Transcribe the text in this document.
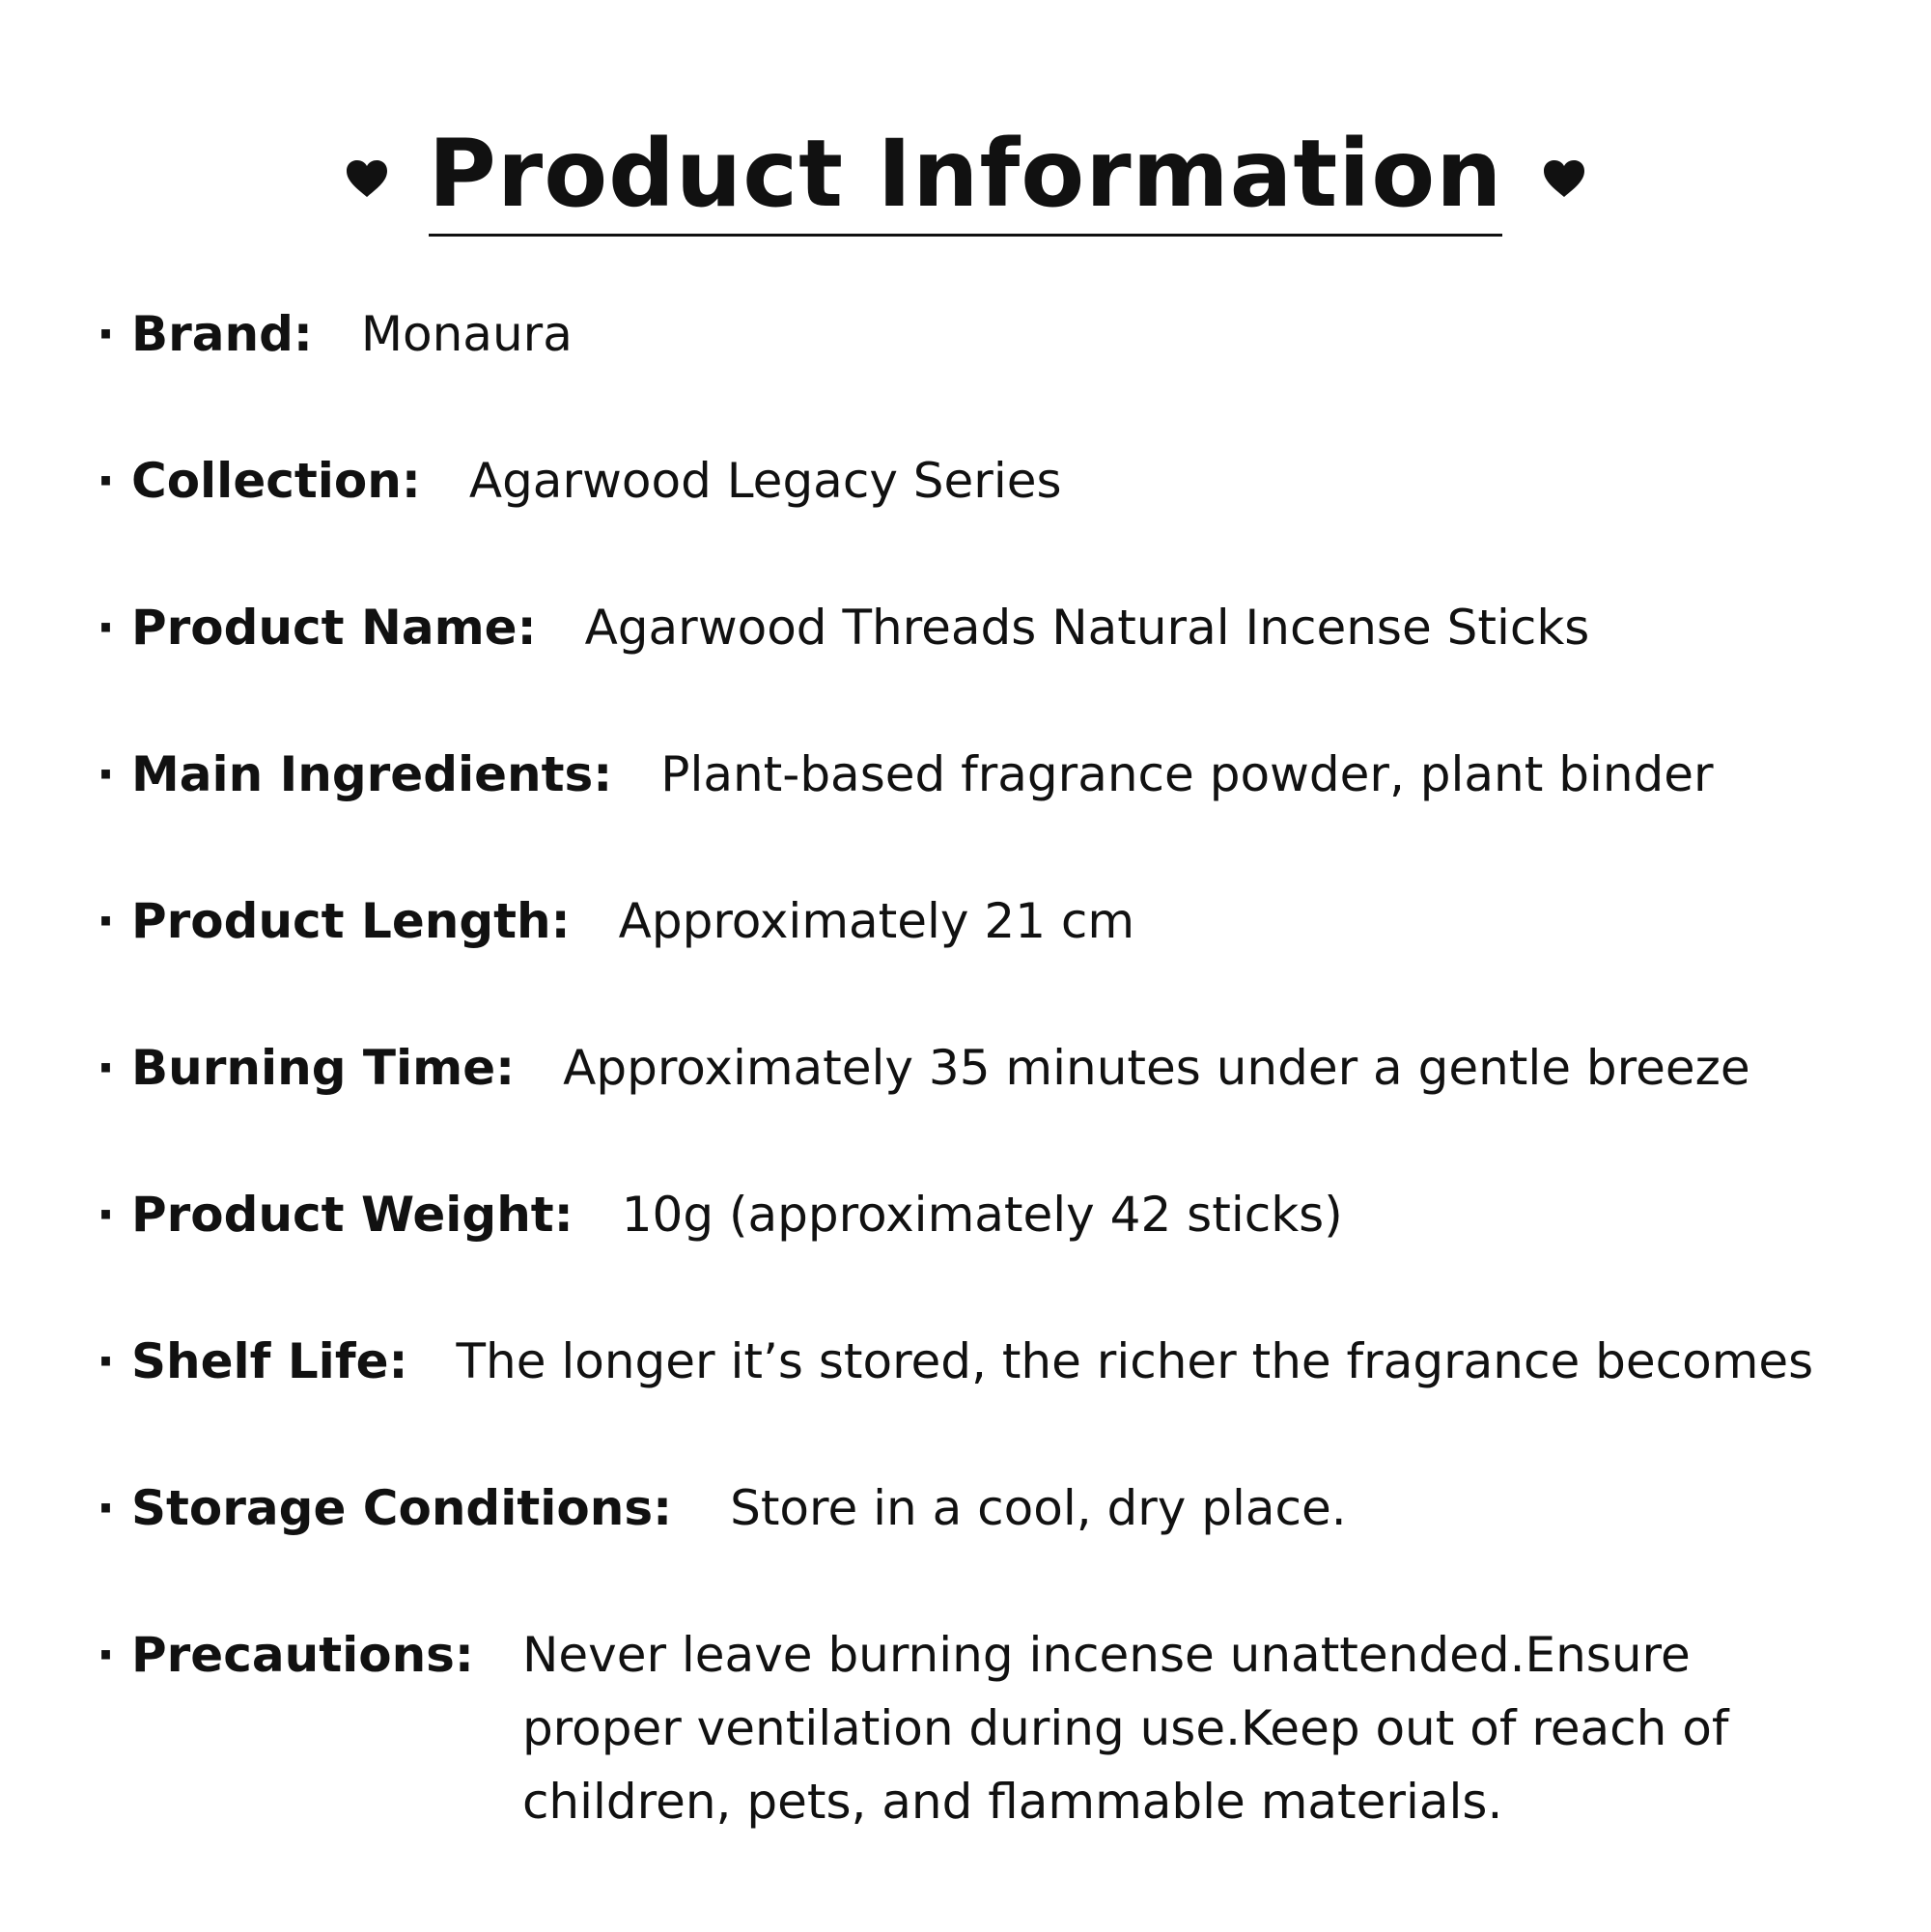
Product Information
· Brand: Monaura
· Collection: Agarwood Legacy Series
· Product Name: Agarwood Threads Natural Incense Sticks
· Main Ingredients: Plant-based fragrance powder, plant binder
· Product Length: Approximately 21 cm
· Burning Time: Approximately 35 minutes under a gentle breeze
· Product Weight: 10g (approximately 42 sticks)
· Shelf Life: The longer it’s stored, the richer the fragrance becomes
· Storage Conditions: Store in a cool, dry place.
· Precautions: Never leave burning incense unattended.Ensure proper ventilation during use.Keep out of reach of children, pets, and flammable materials.
